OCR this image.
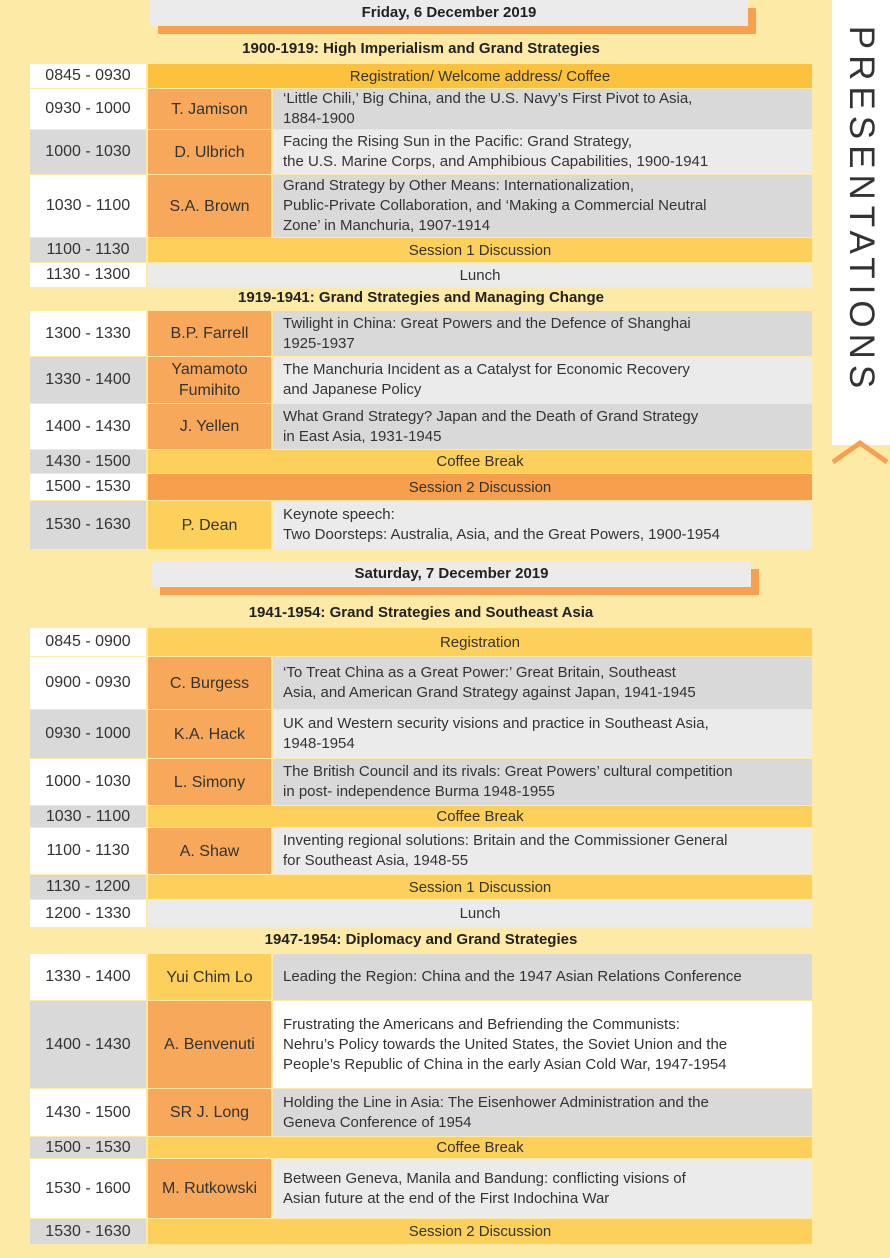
PRESENTATIONS
Friday, 6 December 2019
1900-1919: High Imperialism and Grand Strategies
0845 - 0930	Registration/ Welcome address/ Coffee
0930 - 1000	T. Jamison
‘Little Chili,’ Big China, and the U.S. Navy’s First Pivot to Asia,
1884-1900
1000 - 1030	D. Ulbrich
Facing the Rising Sun in the Pacific: Grand Strategy,
the U.S. Marine Corps, and Amphibious Capabilities, 1900-1941
1030 - 1100	S.A. Brown
Grand Strategy by Other Means: Internationalization,
Public-Private Collaboration, and ‘Making a Commercial Neutral
Zone’ in Manchuria, 1907-1914
1100 - 1130	Session 1 Discussion
1130 - 1300	Lunch
1919-1941: Grand Strategies and Managing Change
1300 - 1330	B.P. Farrell
Twilight in China: Great Powers and the Defence of Shanghai
1925-1937
1330 - 1400
Yamamoto
Fumihito
The Manchuria Incident as a Catalyst for Economic Recovery
and Japanese Policy
1400 - 1430	J. Yellen
What Grand Strategy? Japan and the Death of Grand Strategy
in East Asia, 1931-1945
1430 - 1500	Coffee Break
1500 - 1530	Session 2 Discussion
1530 - 1630	P. Dean
Keynote speech:
Two Doorsteps: Australia, Asia, and the Great Powers, 1900-1954
Saturday, 7 December 2019
1941-1954: Grand Strategies and Southeast Asia
0845 - 0900	Registration
0900 - 0930	C. Burgess
‘To Treat China as a Great Power:’ Great Britain, Southeast
Asia, and American Grand Strategy against Japan, 1941-1945
0930 - 1000	K.A. Hack
UK and Western security visions and practice in Southeast Asia,
1948-1954
1000 - 1030	L. Simony
The British Council and its rivals: Great Powers’ cultural competition
in post- independence Burma 1948-1955
1030 - 1100	Coffee Break
1100 - 1130	A. Shaw
Inventing regional solutions: Britain and the Commissioner General
for Southeast Asia, 1948-55
1130 - 1200	Session 1 Discussion
1200 - 1330	Lunch
1947-1954: Diplomacy and Grand Strategies
1330 - 1400	Yui Chim Lo	Leading the Region: China and the 1947 Asian Relations Conference
1400 - 1430	A. Benvenuti
Frustrating the Americans and Befriending the Communists:
Nehru’s Policy towards the United States, the Soviet Union and the
People’s Republic of China in the early Asian Cold War, 1947-1954
1430 - 1500	SR J. Long
Holding the Line in Asia: The Eisenhower Administration and the
Geneva Conference of 1954
1500 - 1530	Coffee Break
1530 - 1600	M. Rutkowski
Between Geneva, Manila and Bandung: conflicting visions of
Asian future at the end of the First Indochina War
1530 - 1630	Session 2 Discussion
